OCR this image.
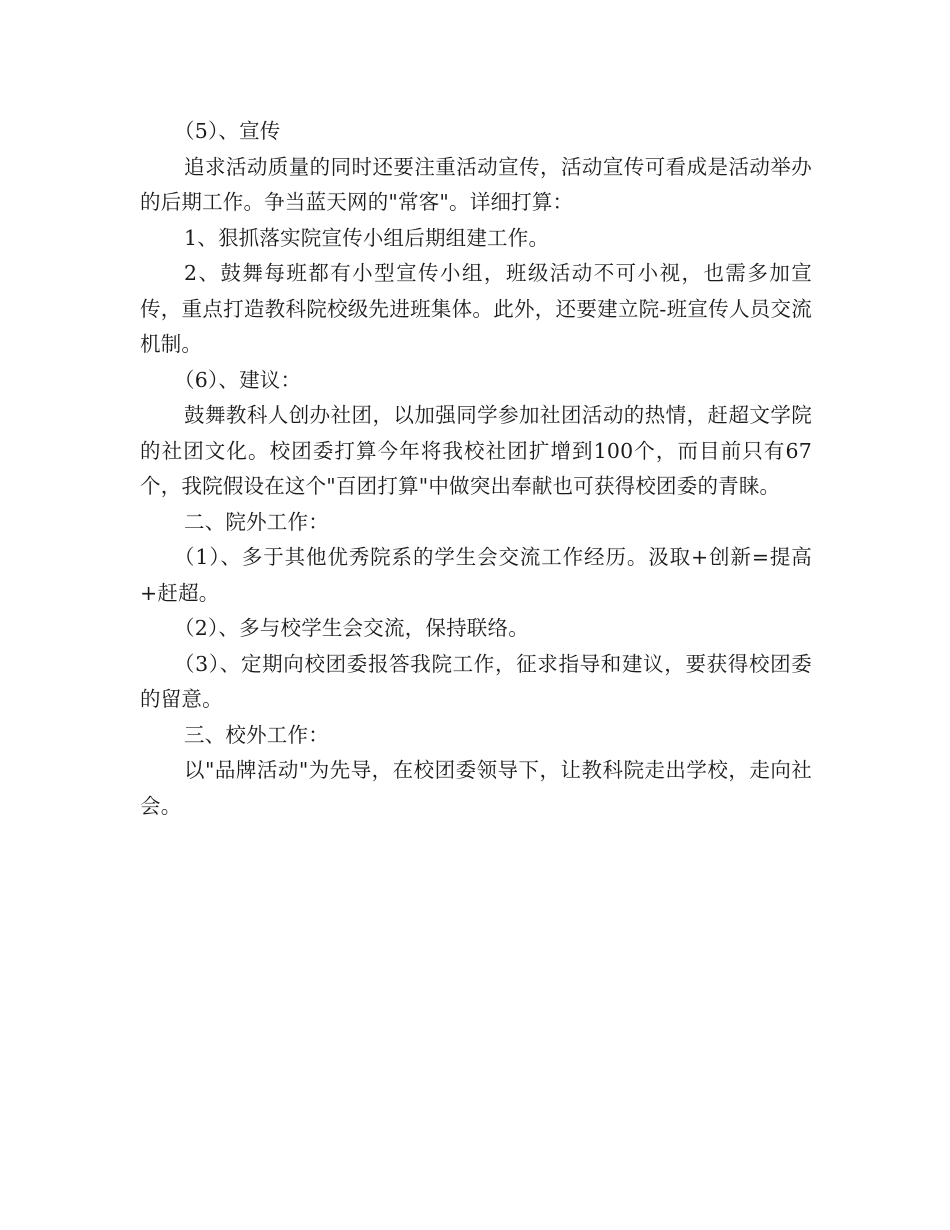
（5）、宣传

追求活动质量的同时还要注重活动宣传，活动宣传可看成是活动举办的后期工作。争当蓝天网的"常客"。详细打算：

1、狠抓落实院宣传小组后期组建工作。

2、鼓舞每班都有小型宣传小组，班级活动不可小视，也需多加宣传，重点打造教科院校级先进班集体。此外，还要建立院-班宣传人员交流机制。

（6）、建议：

鼓舞教科人创办社团，以加强同学参加社团活动的热情，赶超文学院的社团文化。校团委打算今年将我校社团扩增到100个，而目前只有67个，我院假设在这个"百团打算"中做突出奉献也可获得校团委的青睐。

二、院外工作：

（1）、多于其他优秀院系的学生会交流工作经历。汲取+创新=提高+赶超。

（2）、多与校学生会交流，保持联络。

（3）、定期向校团委报答我院工作，征求指导和建议，要获得校团委的留意。

三、校外工作：

以"品牌活动"为先导，在校团委领导下，让教科院走出学校，走向社会。
